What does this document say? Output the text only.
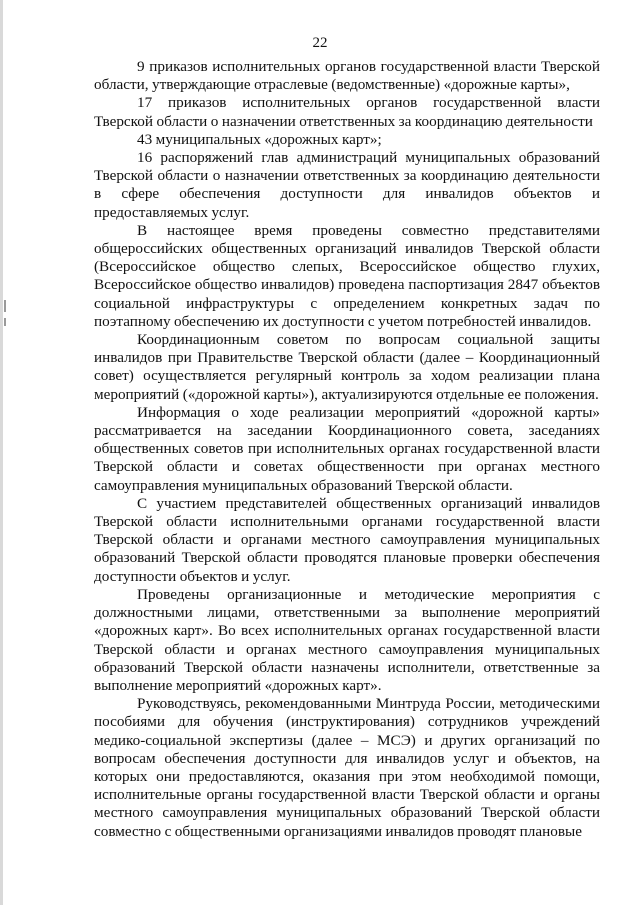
22

9 приказов исполнительных органов государственной власти Тверской области, утверждающие отраслевые (ведомственные) «дорожные карты»,

17 приказов исполнительных органов государственной власти Тверской области о назначении ответственных за координацию деятельности

43 муниципальных «дорожных карт»;

16 распоряжений глав администраций муниципальных образований Тверской области о назначении ответственных за координацию деятельности в сфере обеспечения доступности для инвалидов объектов и предоставляемых услуг.

В настоящее время проведены совместно представителями общероссийских общественных организаций инвалидов Тверской области (Всероссийское общество слепых, Всероссийское общество глухих, Всероссийское общество инвалидов) проведена паспортизация 2847 объектов социальной инфраструктуры с определением конкретных задач по поэтапному обеспечению их доступности с учетом потребностей инвалидов.

Координационным советом по вопросам социальной защиты инвалидов при Правительстве Тверской области (далее – Координационный совет) осуществляется регулярный контроль за ходом реализации плана мероприятий («дорожной карты»), актуализируются отдельные ее положения.

Информация о ходе реализации мероприятий «дорожной карты» рассматривается на заседании Координационного совета, заседаниях общественных советов при исполнительных органах государственной власти Тверской области и советах общественности при органах местного самоуправления муниципальных образований Тверской области.

С участием представителей общественных организаций инвалидов Тверской области исполнительными органами государственной власти Тверской области и органами местного самоуправления муниципальных образований Тверской области проводятся плановые проверки обеспечения доступности объектов и услуг.

Проведены организационные и методические мероприятия с должностными лицами, ответственными за выполнение мероприятий «дорожных карт». Во всех исполнительных органах государственной власти Тверской области и органах местного самоуправления муниципальных образований Тверской области назначены исполнители, ответственные за выполнение мероприятий «дорожных карт».

Руководствуясь, рекомендованными Минтруда России, методическими пособиями для обучения (инструктирования) сотрудников учреждений медико-социальной экспертизы (далее – МСЭ) и других организаций по вопросам обеспечения доступности для инвалидов услуг и объектов, на которых они предоставляются, оказания при этом необходимой помощи, исполнительные органы государственной власти Тверской области и органы местного самоуправления муниципальных образований Тверской области совместно с общественными организациями инвалидов проводят плановые
